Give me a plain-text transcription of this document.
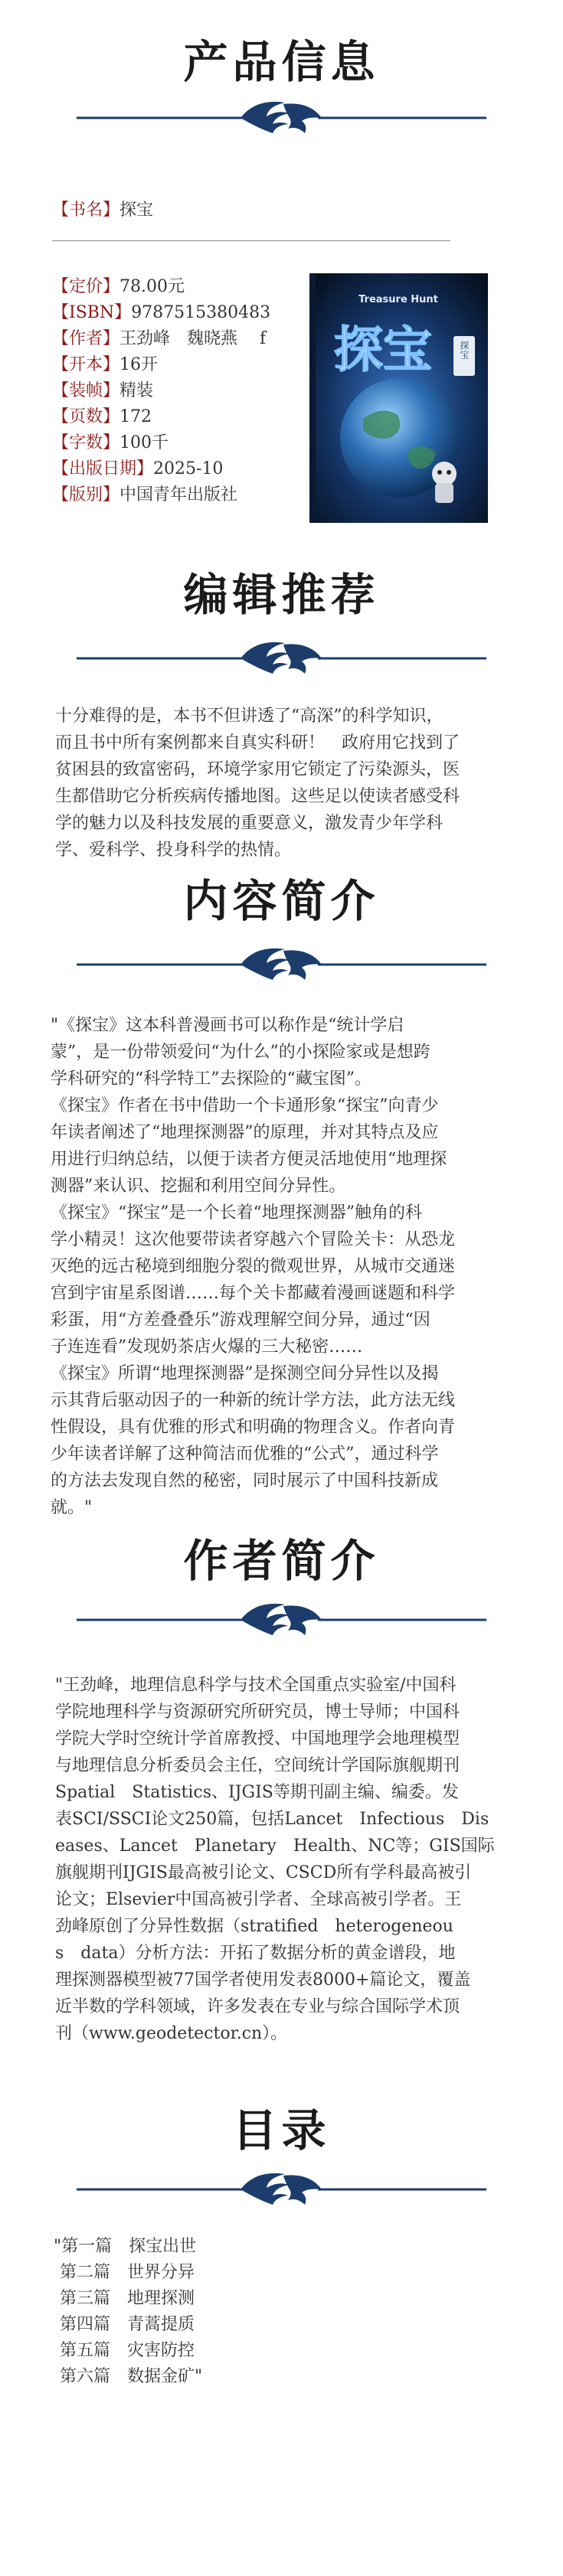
产品信息
【书名】探宝
【定价】78.00元
【ISBN】9787515380483
【作者】王劲峰　魏晓燕　 f
【开本】16开
【装帧】精装
【页数】172
【字数】100千
【出版日期】2025-10
【版别】中国青年出版社
Treasure Hunt
探宝	探宝
编辑推荐
十分难得的是，本书不但讲透了“高深”的科学知识，
而且书中所有案例都来自真实科研！　政府用它找到了
贫困县的致富密码，环境学家用它锁定了污染源头，医
生都借助它分析疾病传播地图。这些足以使读者感受科
学的魅力以及科技发展的重要意义，激发青少年学科
学、爱科学、投身科学的热情。
内容简介
"《探宝》这本科普漫画书可以称作是“统计学启
蒙”，是一份带领爱问“为什么”的小探险家或是想跨
学科研究的“科学特工”去探险的“藏宝图”。
《探宝》作者在书中借助一个卡通形象“探宝”向青少
年读者阐述了“地理探测器”的原理，并对其特点及应
用进行归纳总结，以便于读者方便灵活地使用“地理探
测器”来认识、挖掘和利用空间分异性。
《探宝》“探宝”是一个长着“地理探测器”触角的科
学小精灵！这次他要带读者穿越六个冒险关卡：从恐龙
灭绝的远古秘境到细胞分裂的微观世界，从城市交通迷
宫到宇宙星系图谱……每个关卡都藏着漫画谜题和科学
彩蛋，用“方差叠叠乐”游戏理解空间分异，通过“因
子连连看”发现奶茶店火爆的三大秘密……
《探宝》所谓“地理探测器”是探测空间分异性以及揭
示其背后驱动因子的一种新的统计学方法，此方法无线
性假设，具有优雅的形式和明确的物理含义。作者向青
少年读者详解了这种简洁而优雅的“公式”，通过科学
的方法去发现自然的秘密，同时展示了中国科技新成
就。"
作者简介
"王劲峰，地理信息科学与技术全国重点实验室/中国科
学院地理科学与资源研究所研究员，博士导师；中国科
学院大学时空统计学首席教授、中国地理学会地理模型
与地理信息分析委员会主任，空间统计学国际旗舰期刊
Spatial　Statistics、IJGIS等期刊副主编、编委。发
表SCI/SSCI论文250篇，包括Lancet　Infectious　Dis
eases、Lancet　Planetary　Health、NC等；GIS国际
旗舰期刊IJGIS最高被引论文、CSCD所有学科最高被引
论文；Elsevier中国高被引学者、全球高被引学者。王
劲峰原创了分异性数据（stratified　heterogeneou
s　data）分析方法：开拓了数据分析的黄金谱段，地
理探测器模型被77国学者使用发表8000+篇论文，覆盖
近半数的学科领域，许多发表在专业与综合国际学术顶
刊（www.geodetector.cn）。
目录
"第一篇　探宝出世
第二篇　世界分异
第三篇　地理探测
第四篇　青蒿提质
第五篇　灾害防控
第六篇　数据金矿"
